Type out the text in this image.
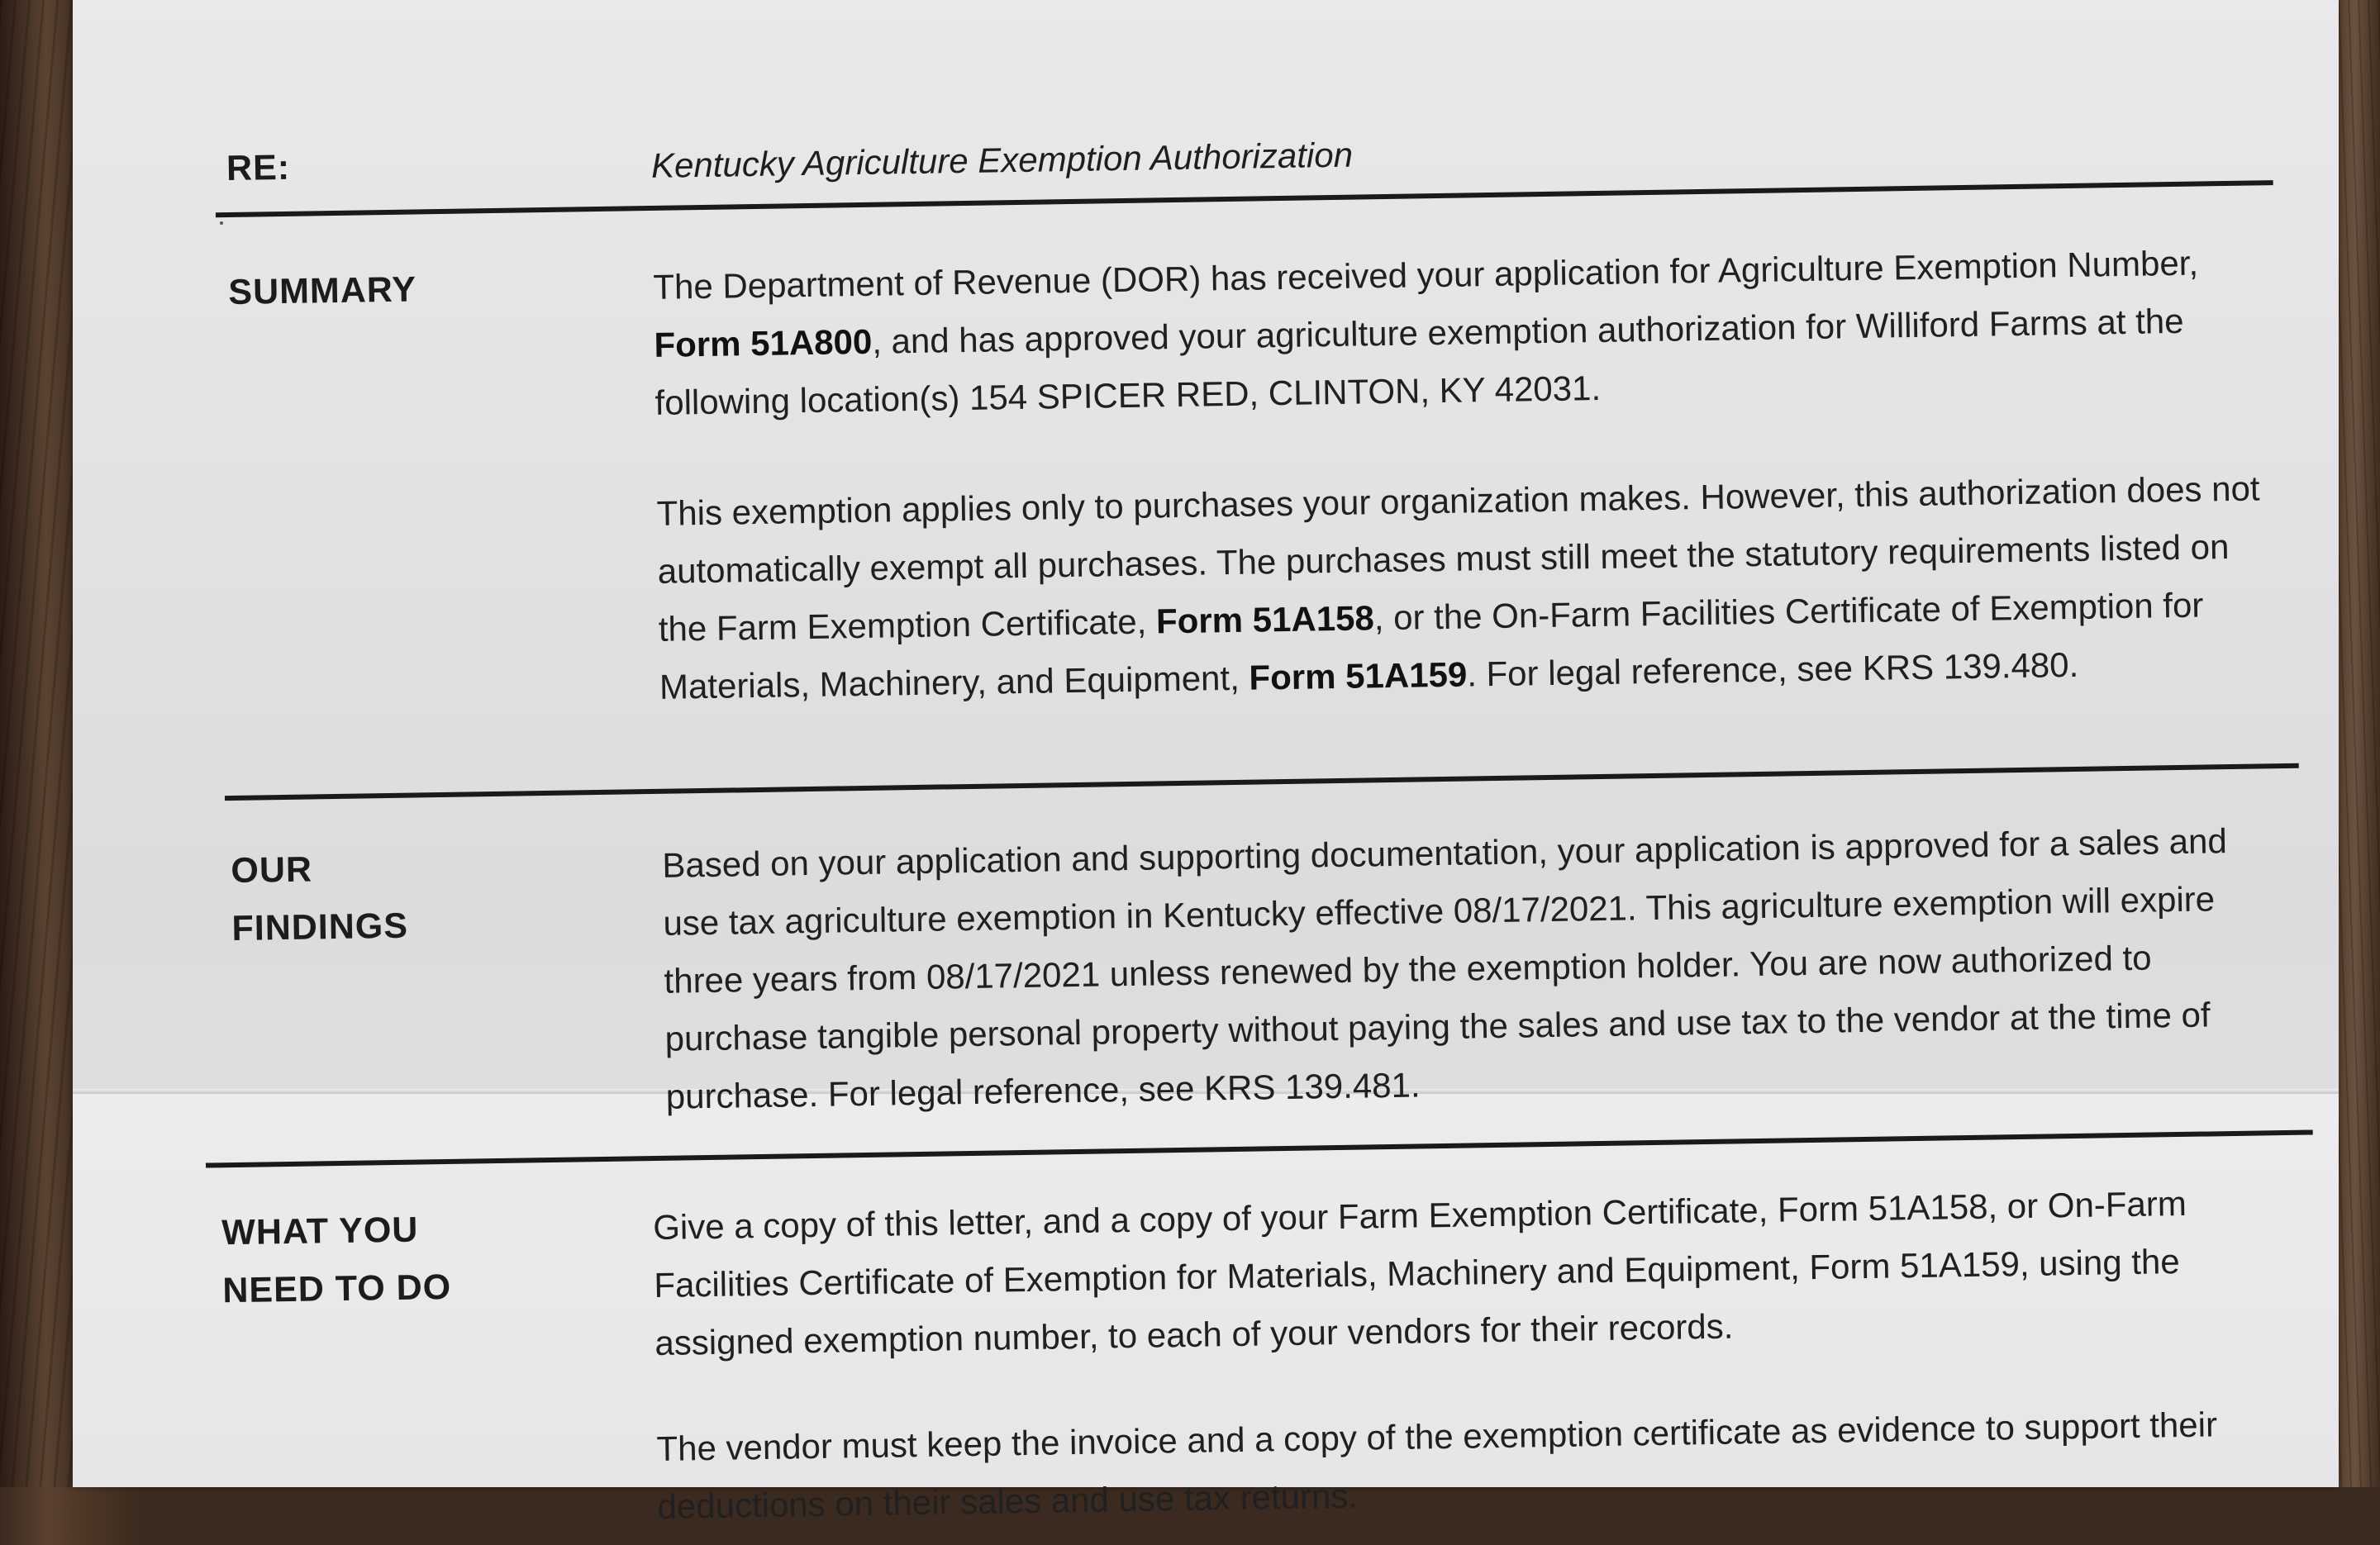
RE:	Kentucky Agriculture Exemption Authorization
SUMMARY	The Department of Revenue (DOR) has received your application for Agriculture Exemption Number, Form 51A800, and has approved your agriculture exemption authorization for Williford Farms at the following location(s) 154 SPICER RED, CLINTON, KY 42031.
This exemption applies only to purchases your organization makes. However, this authorization does not automatically exempt all purchases. The purchases must still meet the statutory requirements listed on the Farm Exemption Certificate, Form 51A158, or the On-Farm Facilities Certificate of Exemption for Materials, Machinery, and Equipment, Form 51A159. For legal reference, see KRS 139.480.
OUR
FINDINGS
Based on your application and supporting documentation, your application is approved for a sales and use tax agriculture exemption in Kentucky effective 08/17/2021. This agriculture exemption will expire three years from 08/17/2021 unless renewed by the exemption holder. You are now authorized to purchase tangible personal property without paying the sales and use tax to the vendor at the time of purchase. For legal reference, see KRS 139.481.
WHAT YOU
NEED TO DO
Give a copy of this letter, and a copy of your Farm Exemption Certificate, Form 51A158, or On-Farm Facilities Certificate of Exemption for Materials, Machinery and Equipment, Form 51A159, using the assigned exemption number, to each of your vendors for their records.
The vendor must keep the invoice and a copy of the exemption certificate as evidence to support their deductions on their sales and use tax returns.
